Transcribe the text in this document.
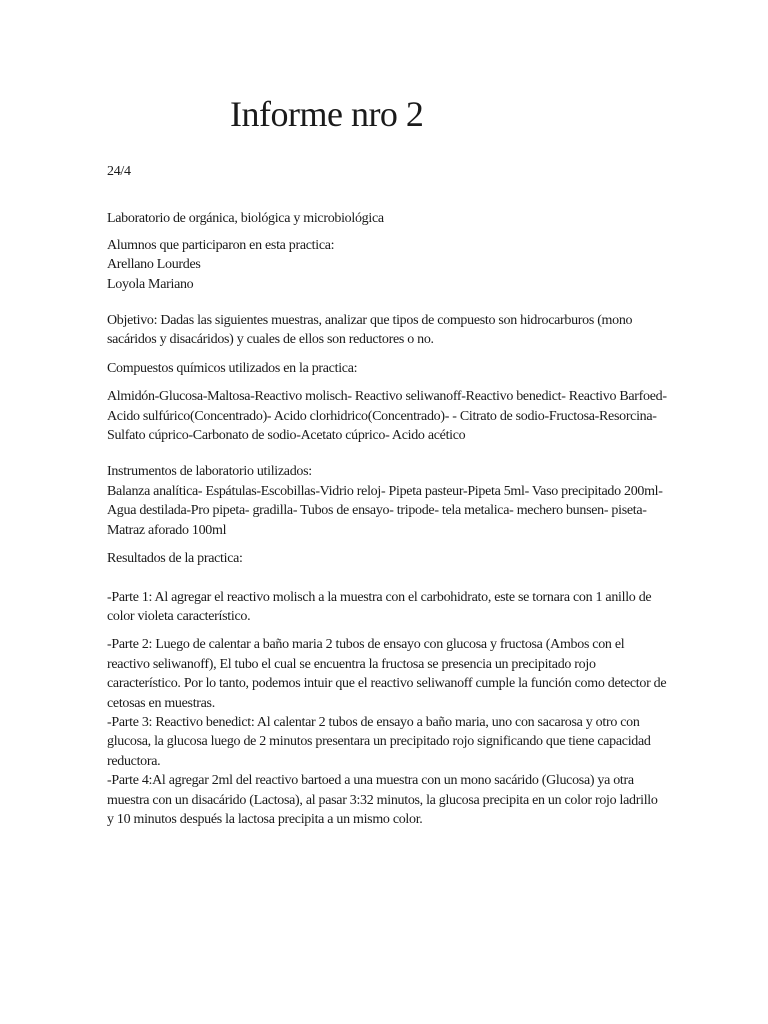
Informe nro 2

24/4

Laboratorio de orgánica, biológica y microbiológica

Alumnos que participaron en esta practica:

Arellano Lourdes

Loyola Mariano

Objetivo: Dadas las siguientes muestras, analizar que tipos de compuesto son hidrocarburos (mono sacáridos y disacáridos) y cuales de ellos son reductores o no.

Compuestos químicos utilizados en la practica:

Almidón-Glucosa-Maltosa-Reactivo molisch- Reactivo seliwanoff-Reactivo benedict- Reactivo Barfoed- Acido sulfúrico(Concentrado)- Acido clorhidrico(Concentrado)- - Citrato de sodio-Fructosa-Resorcina-Sulfato cúprico-Carbonato de sodio-Acetato cúprico- Acido acético

Instrumentos de laboratorio utilizados:

Balanza analítica- Espátulas-Escobillas-Vidrio reloj- Pipeta pasteur-Pipeta 5ml- Vaso precipitado 200ml-Agua destilada-Pro pipeta- gradilla- Tubos de ensayo- tripode- tela metalica- mechero bunsen- piseta- Matraz aforado 100ml

Resultados de la practica:

-Parte 1: Al agregar el reactivo molisch a la muestra con el carbohidrato, este se tornara con 1 anillo de color violeta característico.

-Parte 2: Luego de calentar a baño maria 2 tubos de ensayo con glucosa y fructosa (Ambos con el reactivo seliwanoff), El tubo el cual se encuentra la fructosa se presencia un precipitado rojo característico. Por lo tanto, podemos intuir que el reactivo seliwanoff cumple la función como detector de cetosas en muestras.

-Parte 3: Reactivo benedict: Al calentar 2 tubos de ensayo a baño maria, uno con sacarosa y otro con glucosa, la glucosa luego de 2 minutos presentara un precipitado rojo significando que tiene capacidad reductora.

-Parte 4:Al agregar 2ml del reactivo bartoed a una muestra con un mono sacárido (Glucosa) ya otra muestra con un disacárido (Lactosa), al pasar 3:32 minutos, la glucosa precipita en un color rojo ladrillo y 10 minutos después la lactosa precipita a un mismo color.
